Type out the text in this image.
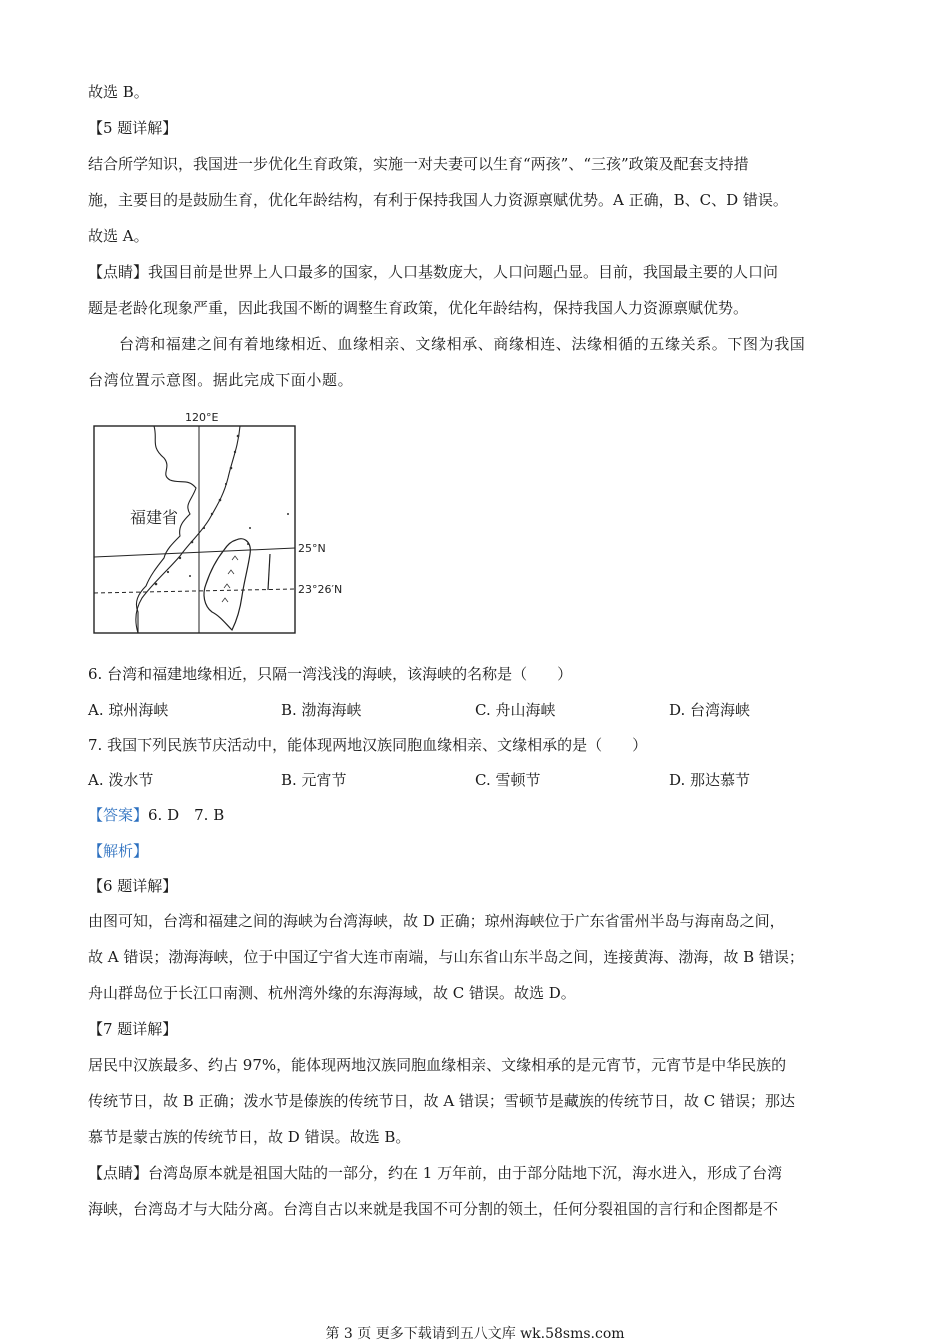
故选 B。
【5 题详解】
结合所学知识，我国进一步优化生育政策，实施一对夫妻可以生育“两孩”、“三孩”政策及配套支持措
施，主要目的是鼓励生育，优化年龄结构，有利于保持我国人力资源禀赋优势。A 正确，B、C、D 错误。
故选 A。
【点睛】我国目前是世界上人口最多的国家，人口基数庞大，人口问题凸显。目前，我国最主要的人口问
题是老龄化现象严重，因此我国不断的调整生育政策，优化年龄结构，保持我国人力资源禀赋优势。
台湾和福建之间有着地缘相近、血缘相亲、文缘相承、商缘相连、法缘相循的五缘关系。下图为我国
台湾位置示意图。据此完成下面小题。
120°E
25°N
23°26′N
福建省
6. 台湾和福建地缘相近，只隔一湾浅浅的海峡，该海峡的名称是（　　）
A. 琼州海峡	B. 渤海海峡	C. 舟山海峡	D. 台湾海峡
7. 我国下列民族节庆活动中，能体现两地汉族同胞血缘相亲、文缘相承的是（　　）
A. 泼水节	B. 元宵节	C. 雪顿节	D. 那达慕节
【答案】6. D　7. B
【解析】
【6 题详解】
由图可知，台湾和福建之间的海峡为台湾海峡，故 D 正确；琼州海峡位于广东省雷州半岛与海南岛之间，
故 A 错误；渤海海峡，位于中国辽宁省大连市南端，与山东省山东半岛之间，连接黄海、渤海，故 B 错误；
舟山群岛位于长江口南测、杭州湾外缘的东海海域，故 C 错误。故选 D。
【7 题详解】
居民中汉族最多、约占 97%，能体现两地汉族同胞血缘相亲、文缘相承的是元宵节，元宵节是中华民族的
传统节日，故 B 正确；泼水节是傣族的传统节日，故 A 错误；雪顿节是藏族的传统节日，故 C 错误；那达
慕节是蒙古族的传统节日，故 D 错误。故选 B。
【点睛】台湾岛原本就是祖国大陆的一部分，约在 1 万年前，由于部分陆地下沉，海水进入，形成了台湾
海峡，台湾岛才与大陆分离。台湾自古以来就是我国不可分割的领土，任何分裂祖国的言行和企图都是不
第 3 页 更多下载请到五八文库 wk.58sms.com
